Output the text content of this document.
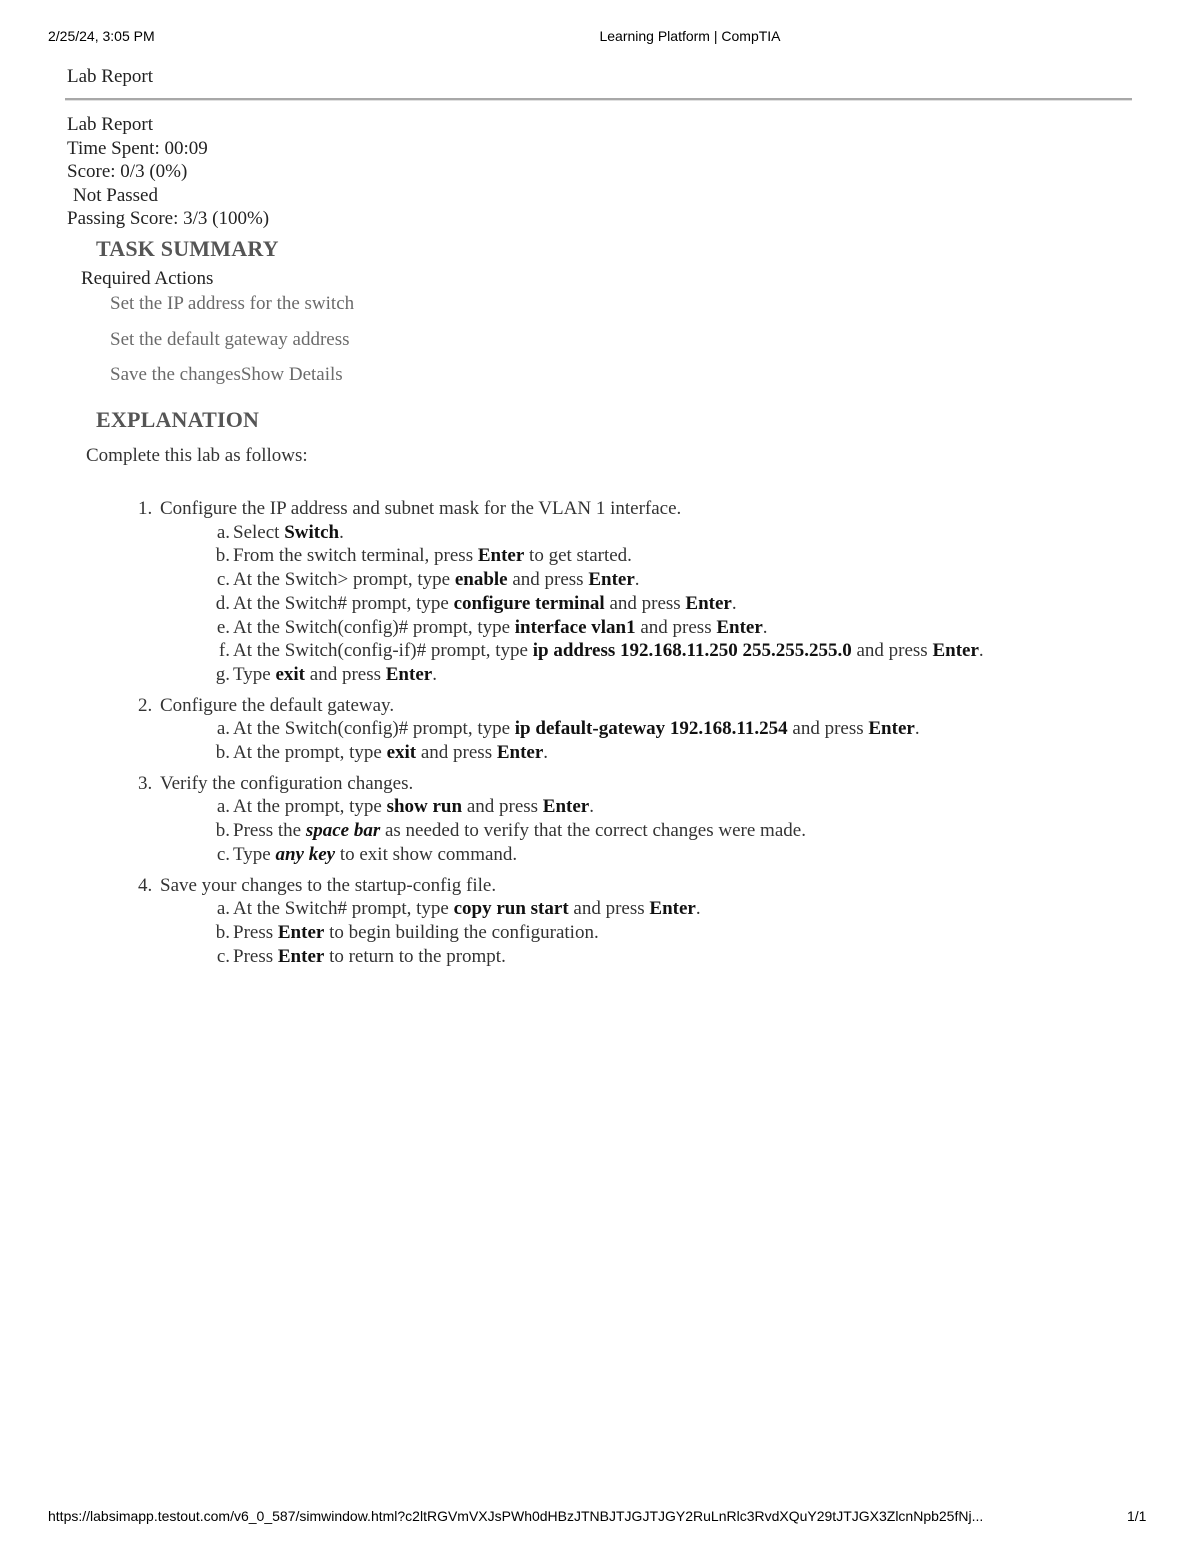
2/25/24, 3:05 PM	Learning Platform | CompTIA
Lab Report
Lab Report
Time Spent: 00:09
Score: 0/3 (0%)
Not Passed
Passing Score: 3/3 (100%)
TASK SUMMARY
Required Actions
Set the IP address for the switch
Set the default gateway address
Save the changesShow Details
EXPLANATION
Complete this lab as follows:
1. Configure the IP address and subnet mask for the VLAN 1 interface.
a. Select Switch.
b. From the switch terminal, press Enter to get started.
c. At the Switch> prompt, type enable and press Enter.
d. At the Switch# prompt, type configure terminal and press Enter.
e. At the Switch(config)# prompt, type interface vlan1 and press Enter.
f. At the Switch(config-if)# prompt, type ip address 192.168.11.250 255.255.255.0 and press Enter.
g. Type exit and press Enter.
2. Configure the default gateway.
a. At the Switch(config)# prompt, type ip default-gateway 192.168.11.254 and press Enter.
b. At the prompt, type exit and press Enter.
3. Verify the configuration changes.
a. At the prompt, type show run and press Enter.
b. Press the space bar as needed to verify that the correct changes were made.
c. Type any key to exit show command.
4. Save your changes to the startup-config file.
a. At the Switch# prompt, type copy run start and press Enter.
b. Press Enter to begin building the configuration.
c. Press Enter to return to the prompt.
https://labsimapp.testout.com/v6_0_587/simwindow.html?c2ltRGVmVXJsPWh0dHBzJTNBJTJGJTJGY2RuLnRlc3RvdXQuY29tJTJGX3ZlcnNpb25fNj...	1/1
